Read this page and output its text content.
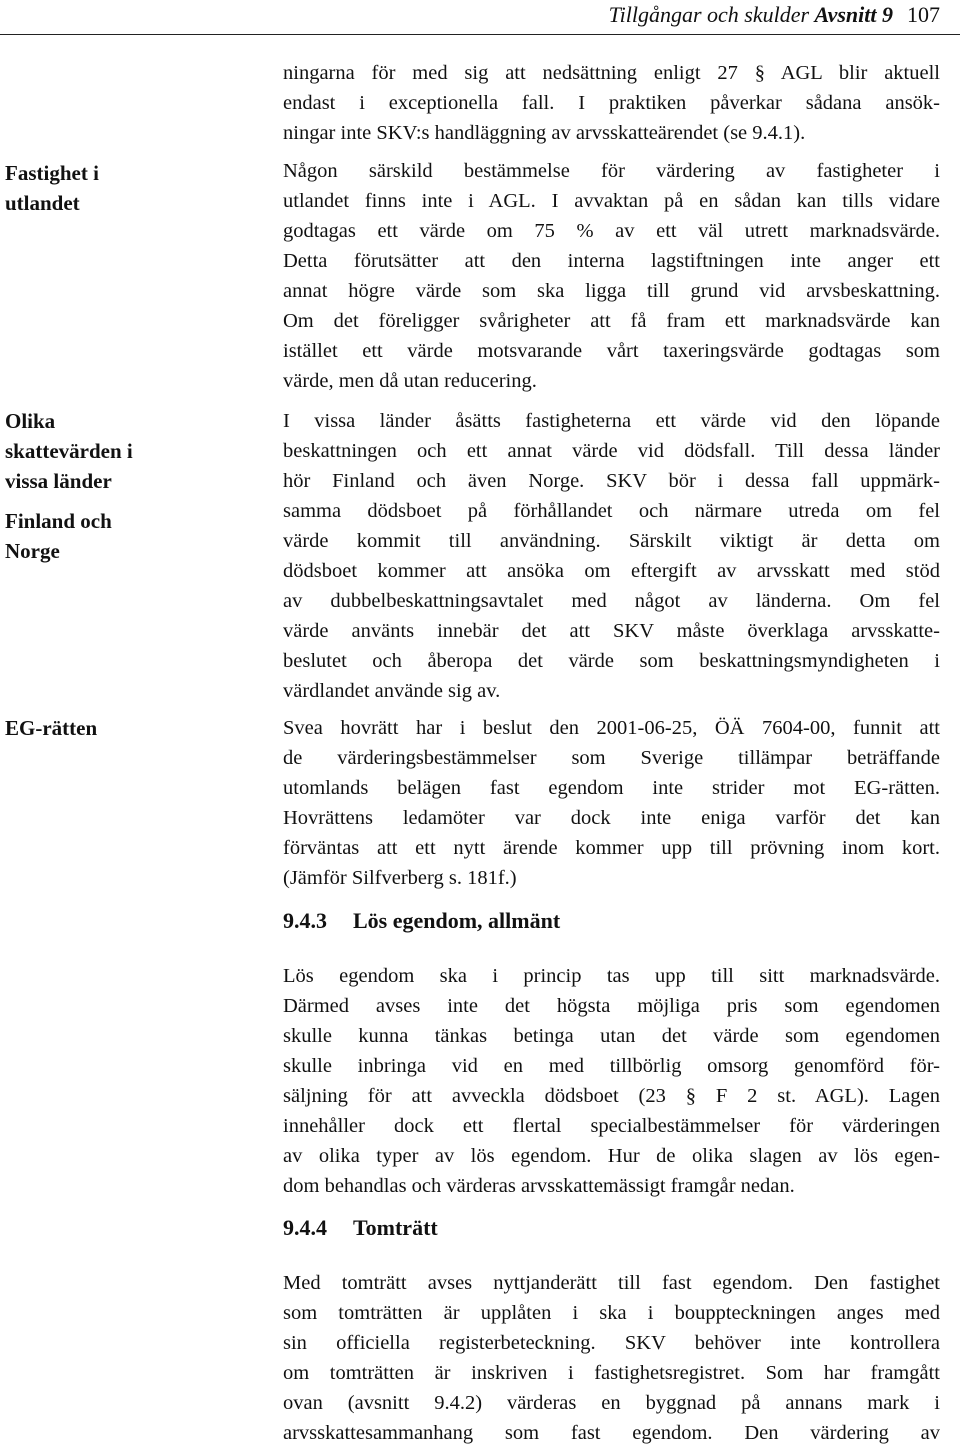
Tillgångar och skulder Avsnitt 9 107
Fastighet i
utlandet
Olika
skattevärden i
vissa länder
Finland och
Norge
EG-rätten
ningarna för med sig att nedsättning enligt 27 § AGL blir aktuell
endast i exceptionella fall. I praktiken påverkar sådana ansök-
ningar inte SKV:s handläggning av arvsskatteärendet (se 9.4.1).
Någon särskild bestämmelse för värdering av fastigheter i
utlandet finns inte i AGL. I avvaktan på en sådan kan tills vidare
godtagas ett värde om 75 % av ett väl utrett marknadsvärde.
Detta förutsätter att den interna lagstiftningen inte anger ett
annat högre värde som ska ligga till grund vid arvsbeskattning.
Om det föreligger svårigheter att få fram ett marknadsvärde kan
istället ett värde motsvarande vårt taxeringsvärde godtagas som
värde, men då utan reducering.
I vissa länder åsätts fastigheterna ett värde vid den löpande
beskattningen och ett annat värde vid dödsfall. Till dessa länder
hör Finland och även Norge. SKV bör i dessa fall uppmärk-
samma dödsboet på förhållandet och närmare utreda om fel
värde kommit till användning. Särskilt viktigt är detta om
dödsboet kommer att ansöka om eftergift av arvsskatt med stöd
av dubbelbeskattningsavtalet med något av länderna. Om fel
värde använts innebär det att SKV måste överklaga arvsskatte-
beslutet och åberopa det värde som beskattningsmyndigheten i
värdlandet använde sig av.
Svea hovrätt har i beslut den 2001-06-25, ÖÄ 7604-00, funnit att
de värderingsbestämmelser som Sverige tillämpar beträffande
utomlands belägen fast egendom inte strider mot EG-rätten.
Hovrättens ledamöter var dock inte eniga varför det kan
förväntas att ett nytt ärende kommer upp till prövning inom kort.
(Jämför Silfverberg s. 181f.)
9.4.3 Lös egendom, allmänt
Lös egendom ska i princip tas upp till sitt marknadsvärde.
Därmed avses inte det högsta möjliga pris som egendomen
skulle kunna tänkas betinga utan det värde som egendomen
skulle inbringa vid en med tillbörlig omsorg genomförd för-
säljning för att avveckla dödsboet (23 § F 2 st. AGL). Lagen
innehåller dock ett flertal specialbestämmelser för värderingen
av olika typer av lös egendom. Hur de olika slagen av lös egen-
dom behandlas och värderas arvsskattemässigt framgår nedan.
9.4.4 Tomträtt
Med tomträtt avses nyttjanderätt till fast egendom. Den fastighet
som tomträtten är upplåten i ska i bouppteckningen anges med
sin officiella registerbeteckning. SKV behöver inte kontrollera
om tomträtten är inskriven i fastighetsregistret. Som har framgått
ovan (avsnitt 9.4.2) värderas en byggnad på annans mark i
arvsskattesammanhang som fast egendom. Den värdering av
